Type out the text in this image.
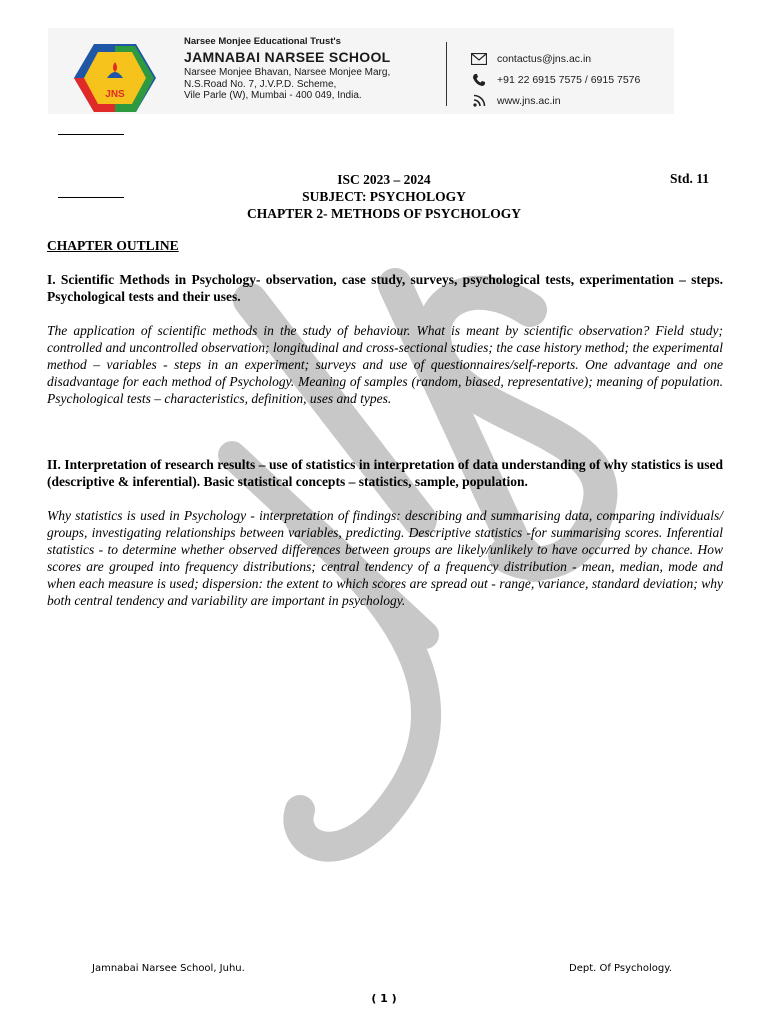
JNS
Narsee Monjee Educational Trust's
JAMNABAI NARSEE SCHOOL
Narsee Monjee Bhavan, Narsee Monjee Marg,
N.S.Road No. 7, J.V.P.D. Scheme,
Vile Parle (W), Mumbai - 400 049, India.
contactus@jns.ac.in
+91 22 6915 7575 / 6915 7576
www.jns.ac.in
ISC 2023 – 2024	Std. 11
SUBJECT: PSYCHOLOGY
CHAPTER 2- METHODS OF PSYCHOLOGY
CHAPTER OUTLINE

I. Scientific Methods in Psychology- observation, case study, surveys, psychological tests, experimentation – steps. Psychological tests and their uses.

The application of scientific methods in the study of behaviour. What is meant by scientific observation? Field study; controlled and uncontrolled observation; longitudinal and cross-sectional studies; the case history method; the experimental method – variables - steps in an experiment; surveys and use of questionnaires/self-reports. One advantage and one disadvantage for each method of Psychology. Meaning of samples (random, biased, representative); meaning of population. Psychological tests – characteristics, definition, uses and types.

II. Interpretation of research results – use of statistics in interpretation of data understanding of why statistics is used (descriptive & inferential). Basic statistical concepts – statistics, sample, population.

Why statistics is used in Psychology - interpretation of findings: describing and summarising data, comparing individuals/ groups, investigating relationships between variables, predicting. Descriptive statistics -for summarising scores. Inferential statistics - to determine whether observed differences between groups are likely/unlikely to have occurred by chance. How scores are grouped into frequency distributions; central tendency of a frequency distribution - mean, median, mode and when each measure is used; dispersion: the extent to which scores are spread out - range, variance, standard deviation; why both central tendency and variability are important in psychology.

Jamnabai Narsee School, Juhu.	Dept. Of Psychology.
( 1 )
